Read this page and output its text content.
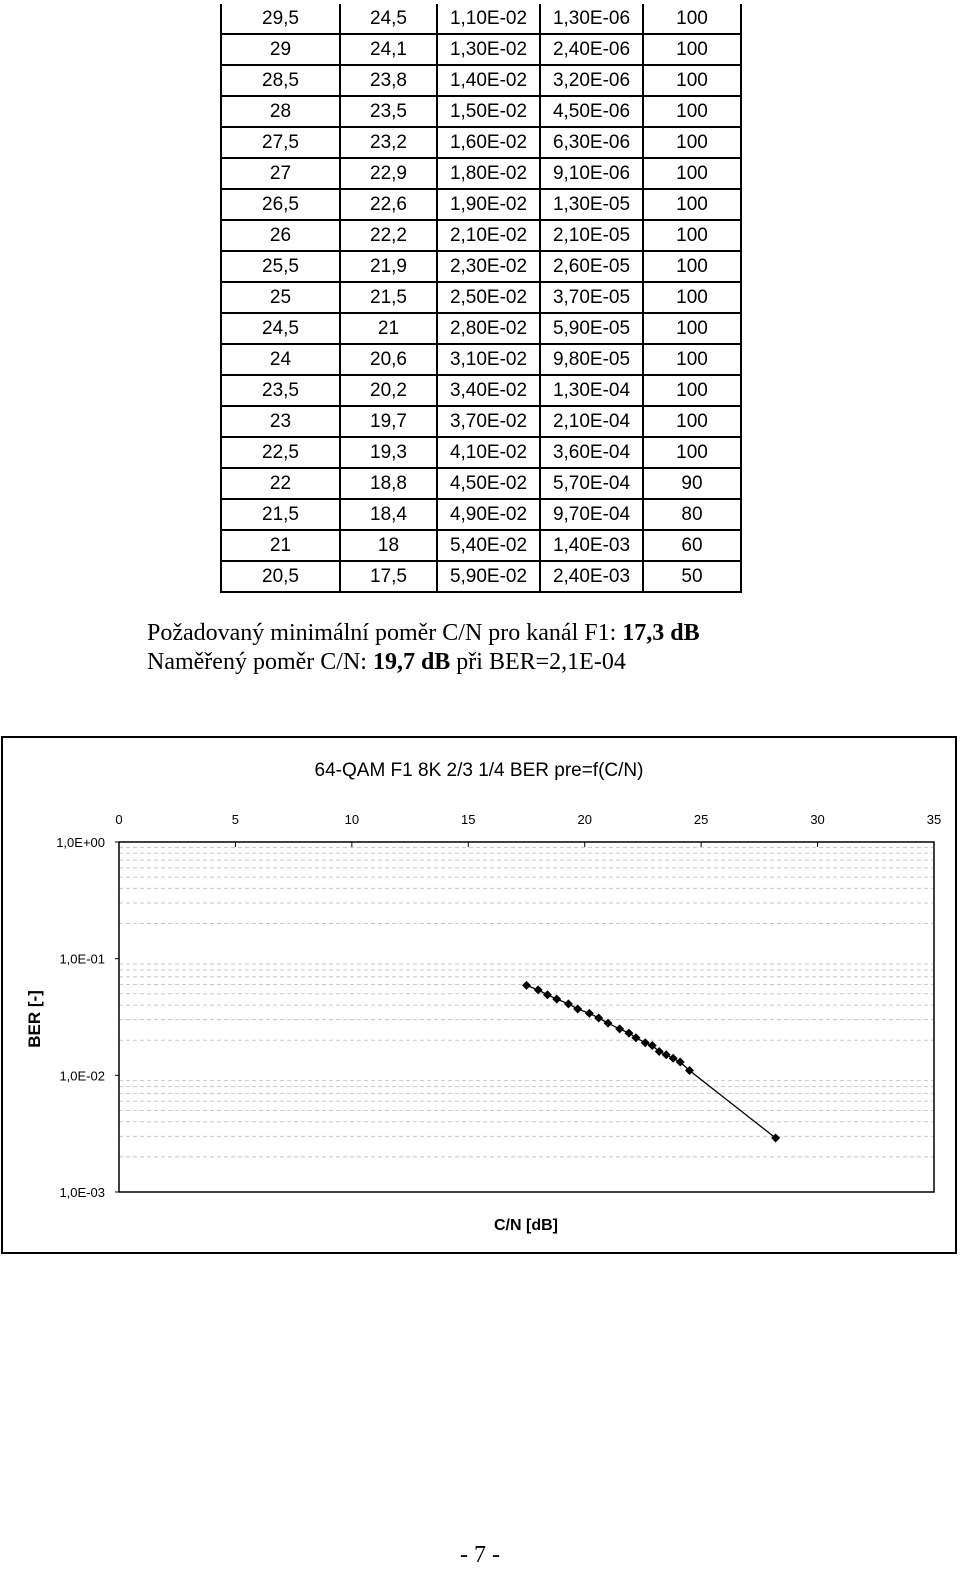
29,5	24,5	1,10E-02	1,30E-06	100
29	24,1	1,30E-02	2,40E-06	100
28,5	23,8	1,40E-02	3,20E-06	100
28	23,5	1,50E-02	4,50E-06	100
27,5	23,2	1,60E-02	6,30E-06	100
27	22,9	1,80E-02	9,10E-06	100
26,5	22,6	1,90E-02	1,30E-05	100
26	22,2	2,10E-02	2,10E-05	100
25,5	21,9	2,30E-02	2,60E-05	100
25	21,5	2,50E-02	3,70E-05	100
24,5	21	2,80E-02	5,90E-05	100
24	20,6	3,10E-02	9,80E-05	100
23,5	20,2	3,40E-02	1,30E-04	100
23	19,7	3,70E-02	2,10E-04	100
22,5	19,3	4,10E-02	3,60E-04	100
22	18,8	4,50E-02	5,70E-04	90
21,5	18,4	4,90E-02	9,70E-04	80
21	18	5,40E-02	1,40E-03	60
20,5	17,5	5,90E-02	2,40E-03	50
Požadovaný minimální poměr C/N pro kanál F1: 17,3 dB
Naměřený poměr C/N: 19,7 dB při BER=2,1E-04
64-QAM F1 8K 2/3 1/4 BER pre=f(C/N)
0	5	10	15	20	25	30	35
1,0E+00
1,0E-01
1,0E-02
1,0E-03
BER [-]
C/N [dB]
- 7 -
